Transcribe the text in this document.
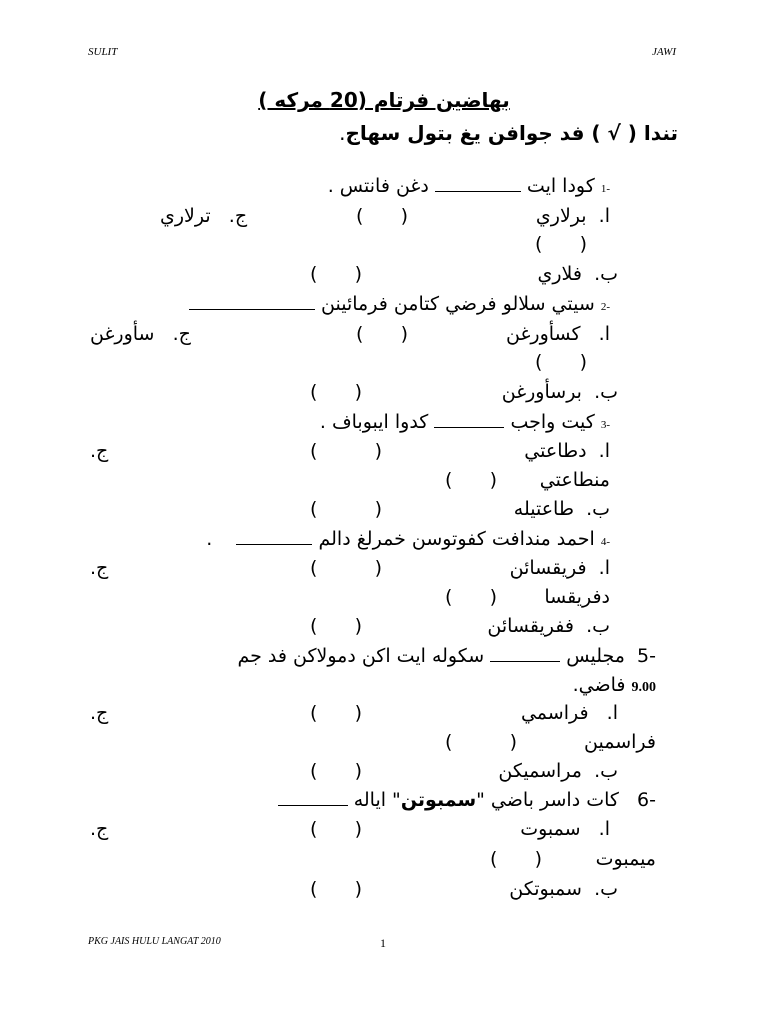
SULIT	JAWI
بهاضين فرتام (20 مركه )
تندا ( √ ) فد جوافن يغ بتول سهاج.
-1 كودا ايت  دغن فانتس .
ا.  برلاري
( )
ج.   ترلاري
( )
ب.  فلاري
( )
-2 سيتي سلالو فرضي كتامن فرمائينن
ا.   كسأورغن
( )
ج.   سأورغن
( )
ب.  برسأورغن
( )
-3 كيت واجب  كدوا ايبوباف .
ا.  دطاعتي
(	)
ج.
منطاعتي
( )
ب.  طاعتيله
(	)
-4 احمد مندافت كفوتوسن خمرلغ دالم     .
ا.  فريقسائن
(	)
ج.
دفريقسا
( )
ب.  ففريقسائن
( )
-5  مجليس  سكوله ايت اكن دمولاكن فد جم
9.00 فاضي.
ا.   فراسمي
( )
ج.
فراسمين
(	)
ب.  مراسميكن
( )
-6   كات داسر باضي "سمبوتن" اياله
ا.   سمبوت
( )
ج.
ميمبوت
( )
ب.  سمبوتكن
( )
PKG JAIS HULU LANGAT 2010	1
